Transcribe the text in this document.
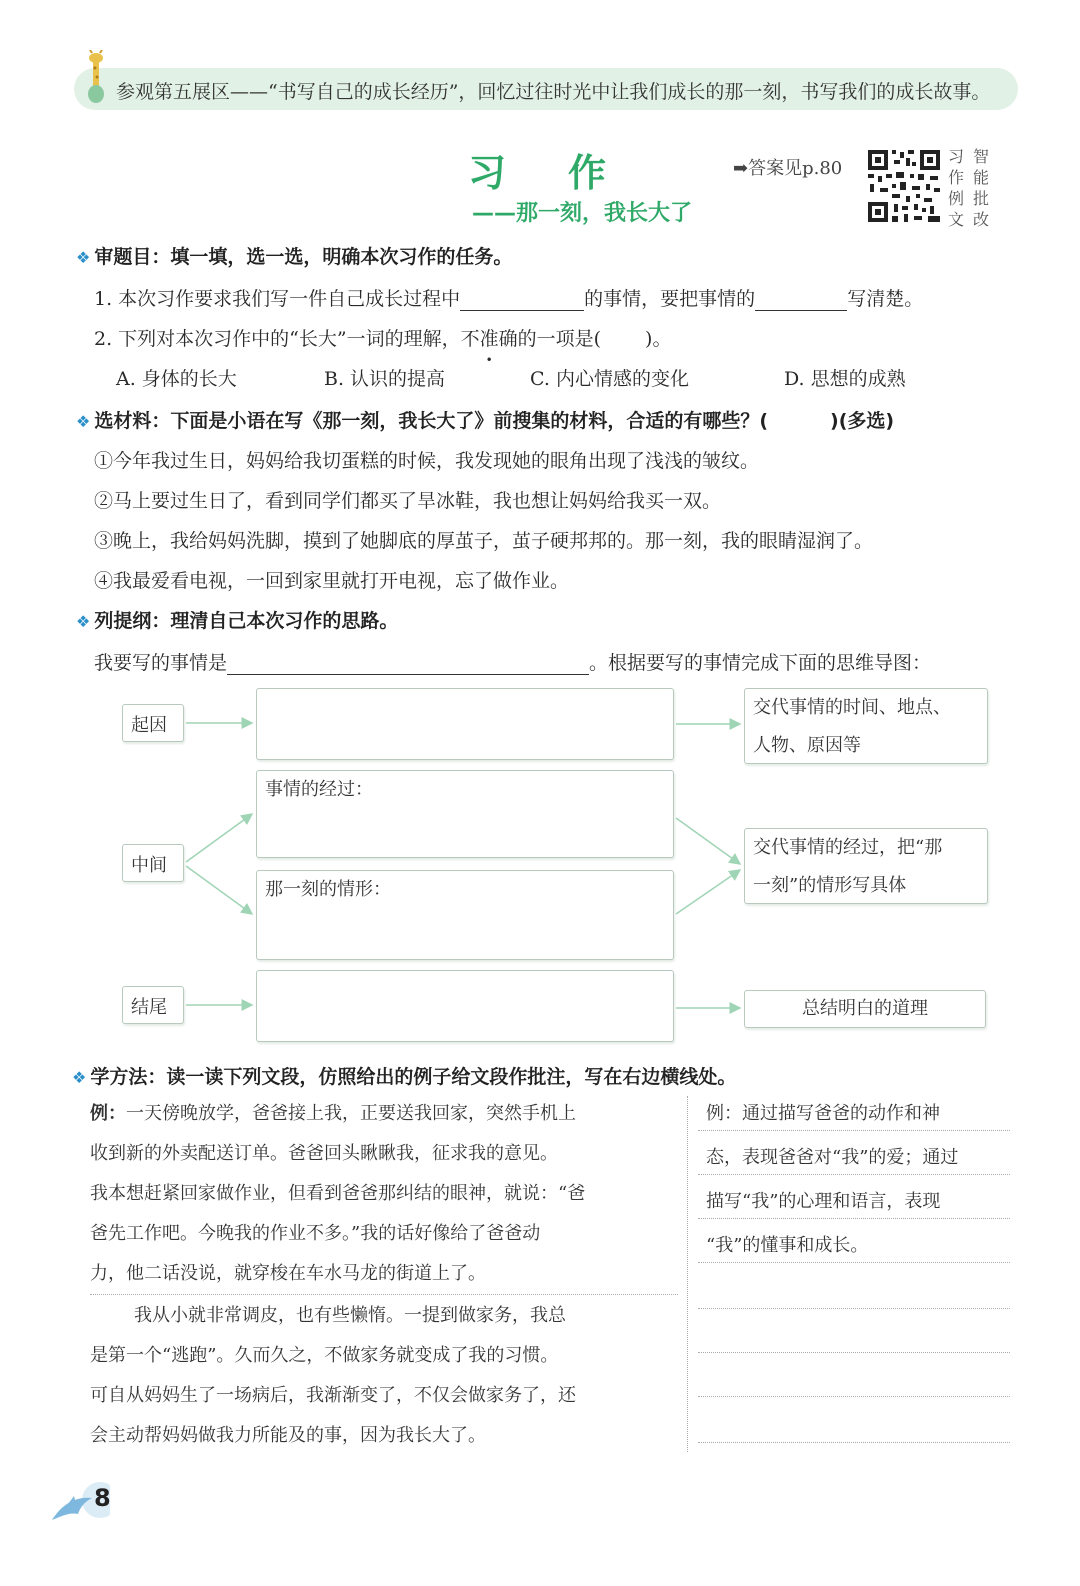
参观第五展区——“书写自己的成长经历”，回忆过往时光中让我们成长的那一刻，书写我们的成长故事。
习 作
——那一刻，我长大了
➡答案见p.80
习
作
例
文
智
能
批
改
❖ 审题目：填一填，选一选，明确本次习作的任务。
1. 本次习作要求我们写一件自己成长过程中	的事情，要把事情的	写清楚。
2. 下列对本次习作中的“长大”一词的理解，不准确的一项是( )。
A. 身体的长大	B. 认识的提高	C. 内心情感的变化	D. 思想的成熟
❖ 选材料：下面是小语在写《那一刻，我长大了》前搜集的材料，合适的有哪些？(	)(多选)
①今年我过生日，妈妈给我切蛋糕的时候，我发现她的眼角出现了浅浅的皱纹。
②马上要过生日了，看到同学们都买了旱冰鞋，我也想让妈妈给我买一双。
③晚上，我给妈妈洗脚，摸到了她脚底的厚茧子，茧子硬邦邦的。那一刻，我的眼睛湿润了。
④我最爱看电视，一回到家里就打开电视，忘了做作业。
❖ 列提纲：理清自己本次习作的思路。
我要写的事情是	。根据要写的事情完成下面的思维导图：
起因
中间
结尾
事情的经过：
那一刻的情形：
交代事情的时间、地点、
人物、原因等
交代事情的经过，把“那
一刻”的情形写具体
总结明白的道理
❖ 学方法：读一读下列文段，仿照给出的例子给文段作批注，写在右边横线处。
例：一天傍晚放学，爸爸接上我，正要送我回家，突然手机上
收到新的外卖配送订单。爸爸回头瞅瞅我，征求我的意见。
我本想赶紧回家做作业，但看到爸爸那纠结的眼神，就说：“爸
爸先工作吧。今晚我的作业不多。”我的话好像给了爸爸动
力，他二话没说，就穿梭在车水马龙的街道上了。
我从小就非常调皮，也有些懒惰。一提到做家务，我总
是第一个“逃跑”。久而久之，不做家务就变成了我的习惯。
可自从妈妈生了一场病后，我渐渐变了，不仅会做家务了，还
会主动帮妈妈做我力所能及的事，因为我长大了。
例：通过描写爸爸的动作和神
态，表现爸爸对“我”的爱；通过
描写“我”的心理和语言，表现
“我”的懂事和成长。
8
